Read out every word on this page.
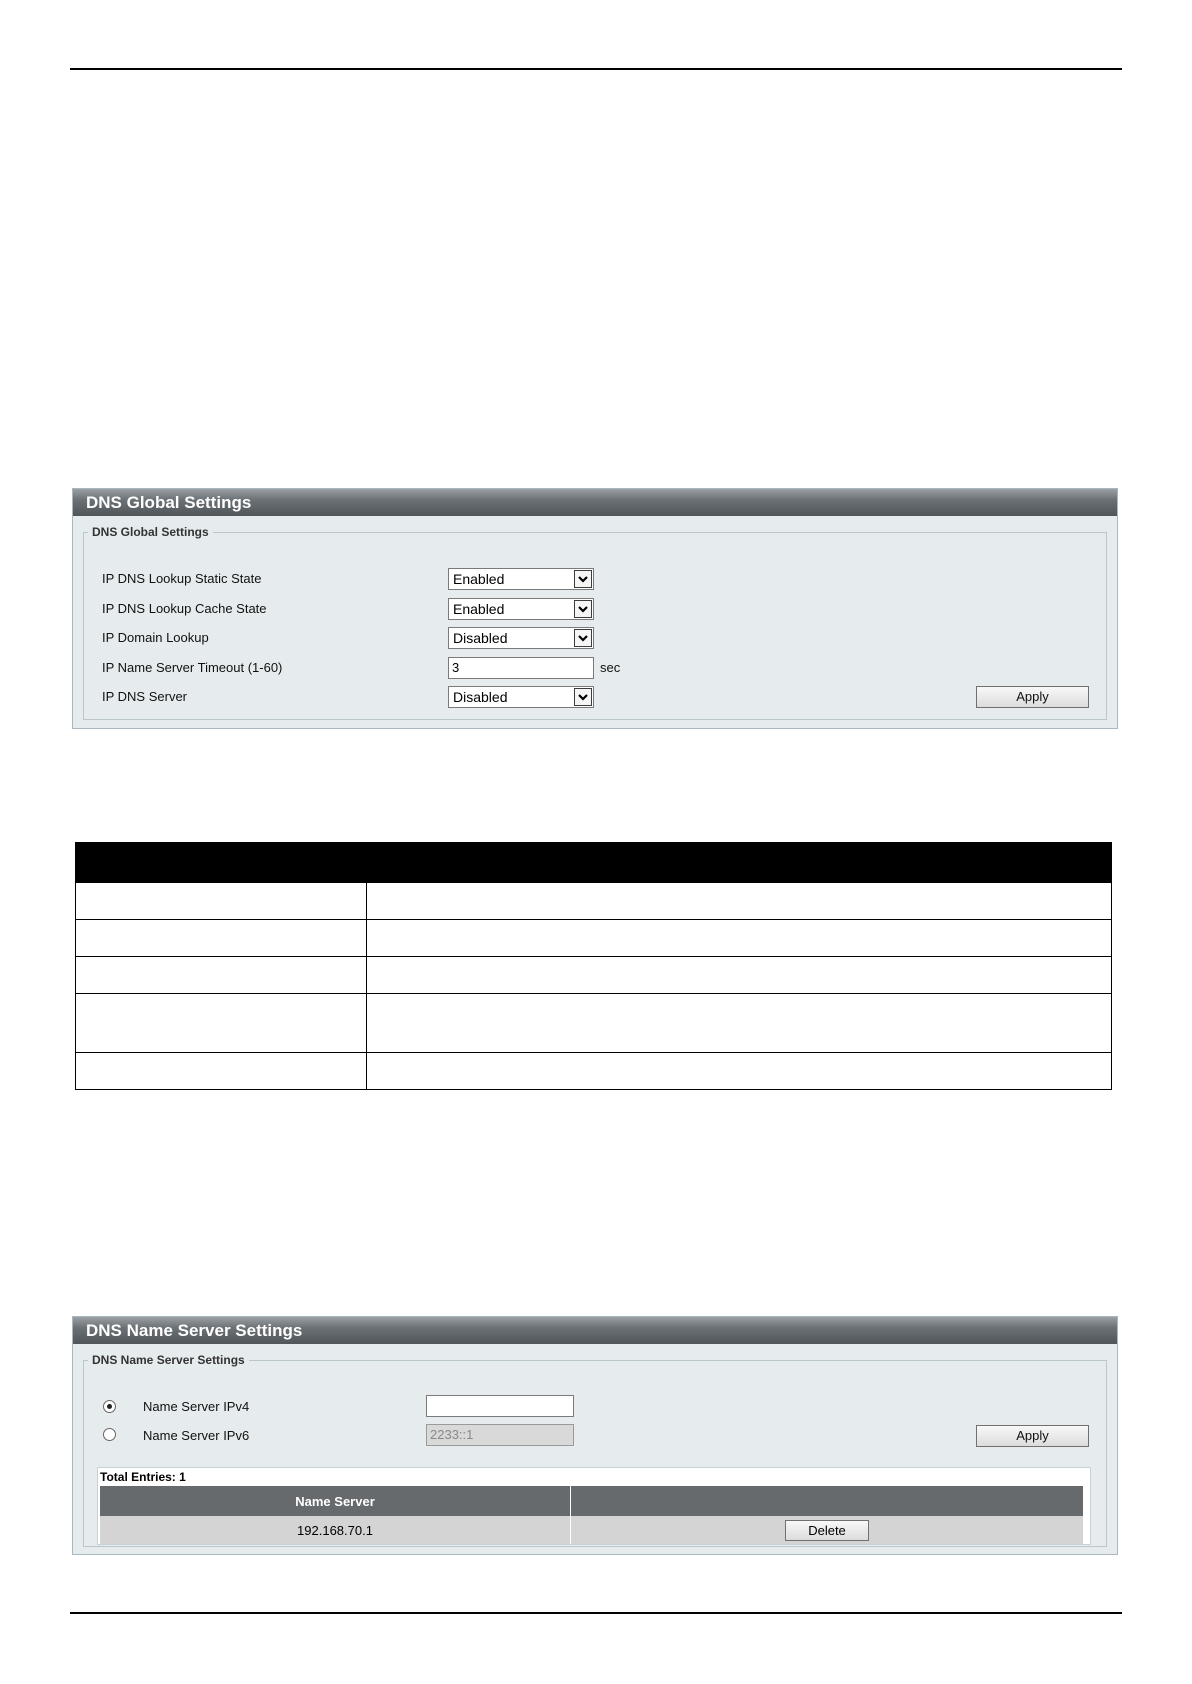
DNS Global Settings
DNS Global Settings
IP DNS Lookup Static State	Enabled
IP DNS Lookup Cache State	Enabled
IP Domain Lookup	Disabled
IP Name Server Timeout (1-60)	3	sec
IP DNS Server	Disabled	Apply

DNS Name Server Settings
DNS Name Server Settings
Name Server IPv4

Name Server IPv6	2233::1	Apply
Total Entries: 1
Name Server	
192.168.70.1	Delete
